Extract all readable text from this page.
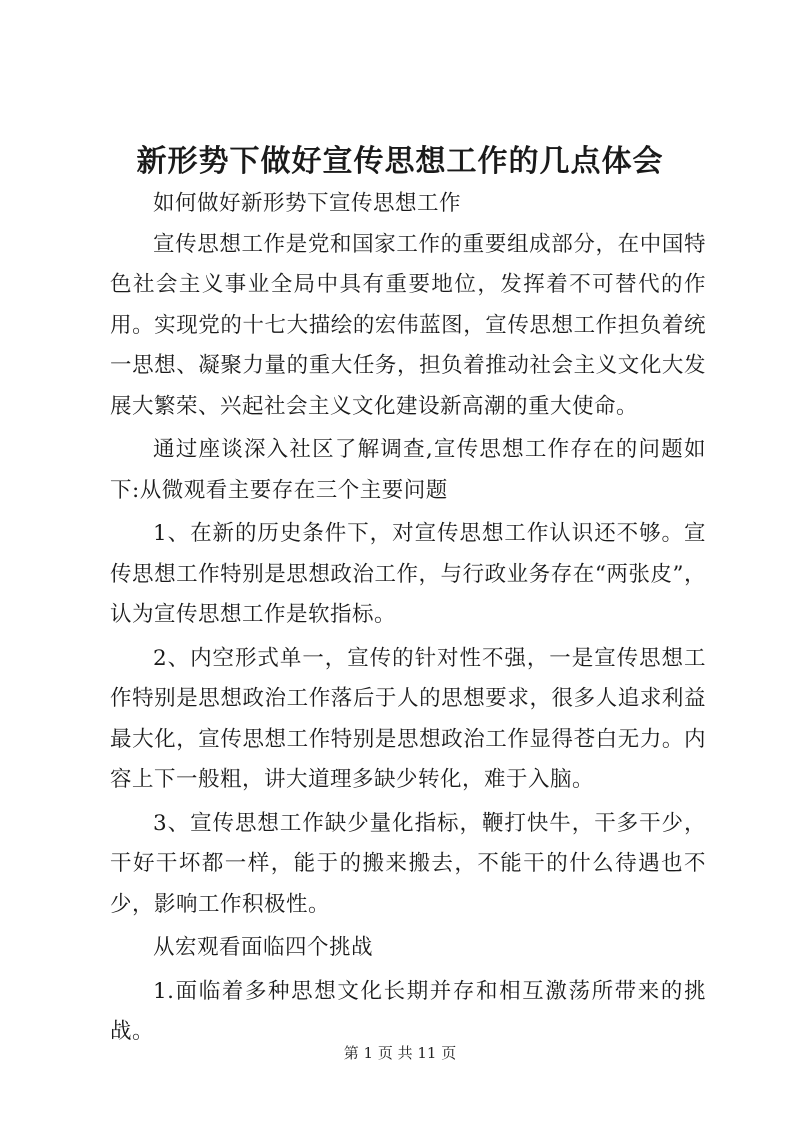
新形势下做好宣传思想工作的几点体会

如何做好新形势下宣传思想工作

宣传思想工作是党和国家工作的重要组成部分，在中国特色社会主义事业全局中具有重要地位，发挥着不可替代的作用。实现党的十七大描绘的宏伟蓝图，宣传思想工作担负着统一思想、凝聚力量的重大任务，担负着推动社会主义文化大发展大繁荣、兴起社会主义文化建设新高潮的重大使命。

通过座谈深入社区了解调查,宣传思想工作存在的问题如下:从微观看主要存在三个主要问题

1、在新的历史条件下，对宣传思想工作认识还不够。宣传思想工作特别是思想政治工作，与行政业务存在“两张皮”，认为宣传思想工作是软指标。

2、内空形式单一，宣传的针对性不强，一是宣传思想工作特别是思想政治工作落后于人的思想要求，很多人追求利益最大化，宣传思想工作特别是思想政治工作显得苍白无力。内容上下一般粗，讲大道理多缺少转化，难于入脑。

3、宣传思想工作缺少量化指标，鞭打快牛，干多干少，干好干坏都一样，能于的搬来搬去，不能干的什么待遇也不少，影响工作积极性。

从宏观看面临四个挑战

1.面临着多种思想文化长期并存和相互激荡所带来的挑战。

第 1 页 共 11 页
